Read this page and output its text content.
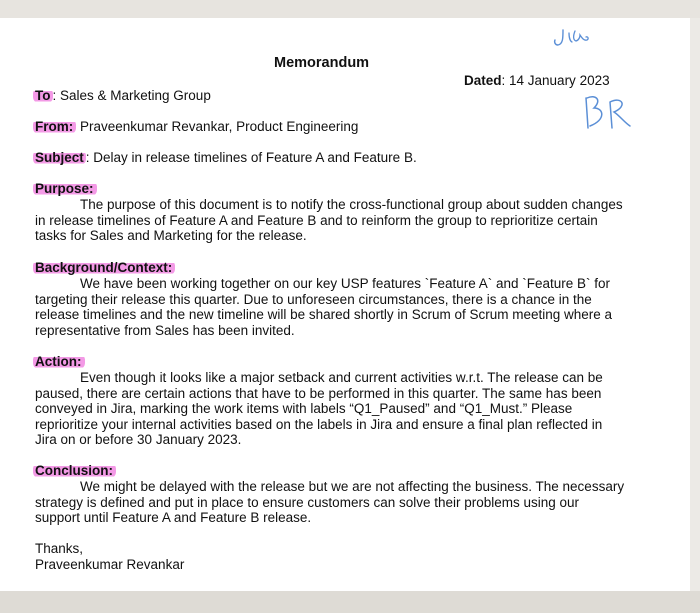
Memorandum
Dated: 14 January 2023
To : Sales & Marketing Group
From: Praveenkumar Revankar, Product Engineering
Subject : Delay in release timelines of Feature A and Feature B.
Purpose:
The purpose of this document is to notify the cross-functional group about sudden changes in release timelines of Feature A and Feature B and to reinform the group to reprioritize certain tasks for Sales and Marketing for the release.
Background/Context:
We have been working together on our key USP features `Feature A` and `Feature B` for targeting their release this quarter. Due to unforeseen circumstances, there is a chance in the release timelines and the new timeline will be shared shortly in Scrum of Scrum meeting where a representative from Sales has been invited.
Action:
Even though it looks like a major setback and current activities w.r.t. The release can be paused, there are certain actions that have to be performed in this quarter. The same has been conveyed in Jira, marking the work items with labels “Q1_Paused” and “Q1_Must.” Please reprioritize your internal activities based on the labels in Jira and ensure a final plan reflected in Jira on or before 30 January 2023.
Conclusion:
We might be delayed with the release but we are not affecting the business. The necessary strategy is defined and put in place to ensure customers can solve their problems using our support until Feature A and Feature B release.
Thanks,
Praveenkumar Revankar
